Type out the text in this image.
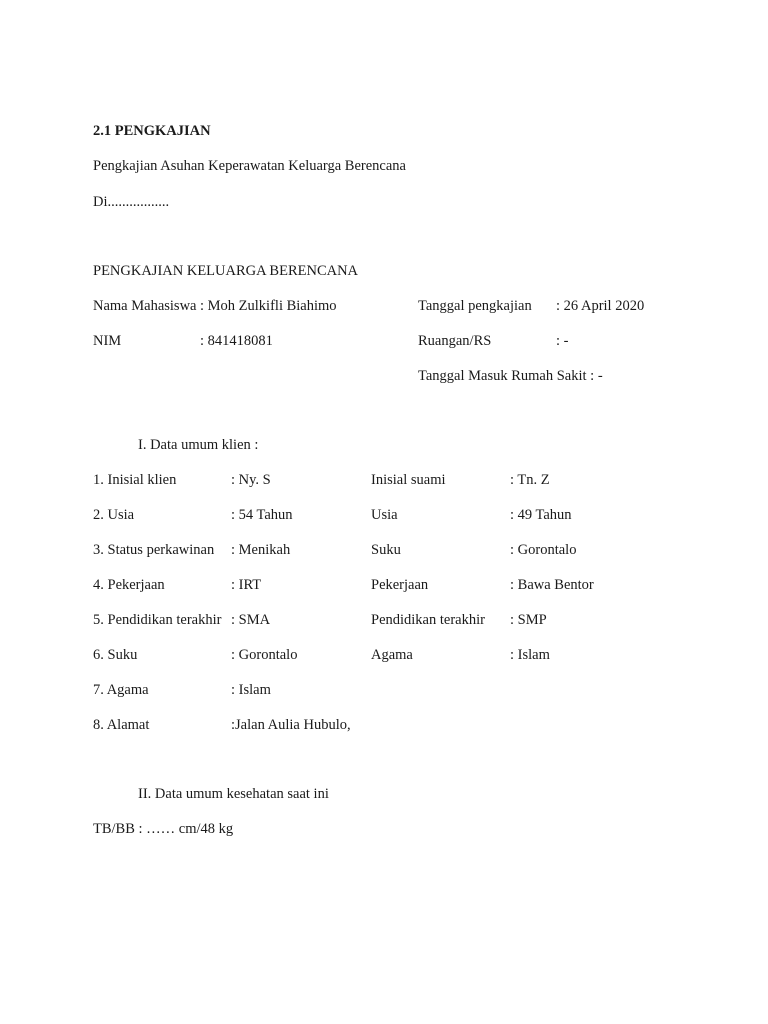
2.1 PENGKAJIAN
Pengkajian Asuhan Keperawatan Keluarga Berencana
Di.................
PENGKAJIAN KELUARGA BERENCANA
Nama Mahasiswa : Moh Zulkifli Biahimo	Tanggal pengkajian : 26 April 2020
NIM	: 841418081	Ruangan/RS	: -
Tanggal Masuk Rumah Sakit : -
I. Data umum klien :
1. Inisial klien	: Ny. S	Inisial suami	: Tn. Z
2. Usia	: 54 Tahun	Usia	: 49 Tahun
3. Status perkawinan : Menikah	Suku	: Gorontalo
4. Pekerjaan	: IRT	Pekerjaan	: Bawa Bentor
5. Pendidikan terakhir : SMA	Pendidikan terakhir : SMP
6. Suku	: Gorontalo	Agama	: Islam
7. Agama	: Islam
8. Alamat	:Jalan Aulia Hubulo,
II. Data umum kesehatan saat ini
TB/BB : …… cm/48 kg
